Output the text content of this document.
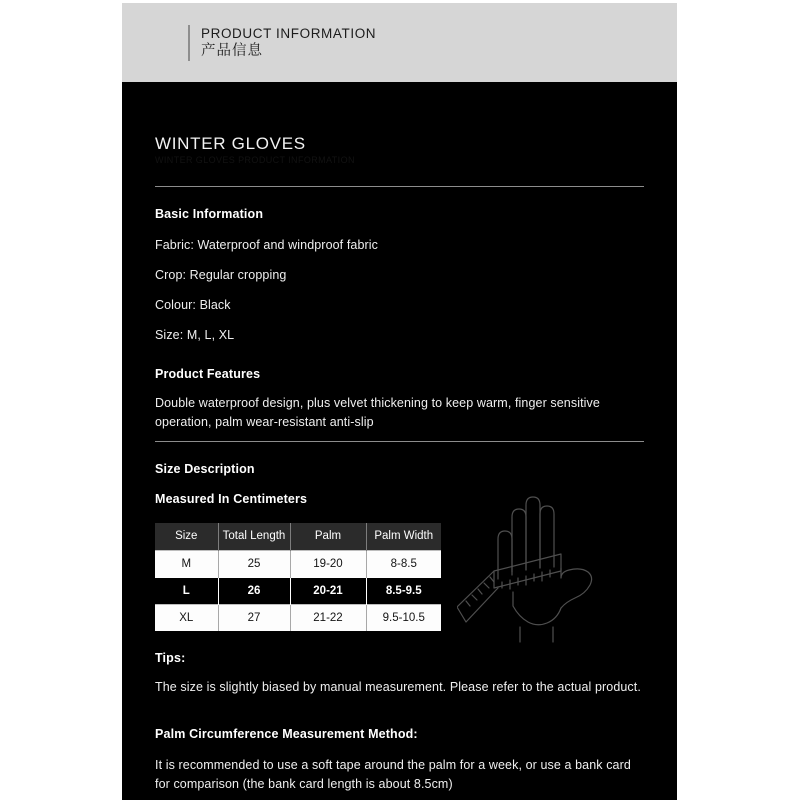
PRODUCT INFORMATION
产品信息
WINTER GLOVES
WINTER GLOVES PRODUCT INFORMATION
Basic Information
Fabric: Waterproof and windproof fabric
Crop: Regular cropping
Colour: Black
Size: M, L, XL
Product Features
Double waterproof design, plus velvet thickening to keep warm, finger sensitive operation, palm wear-resistant anti-slip
Size Description
Measured In Centimeters
Size	Total Length	Palm	Palm Width
M	25	19-20	8-8.5
L	26	20-21	8.5-9.5
XL	27	21-22	9.5-10.5
Tips:
The size is slightly biased by manual measurement. Please refer to the actual product.
Palm Circumference Measurement Method:
It is recommended to use a soft tape around the palm for a week, or use a bank card for comparison (the bank card length is about 8.5cm)
